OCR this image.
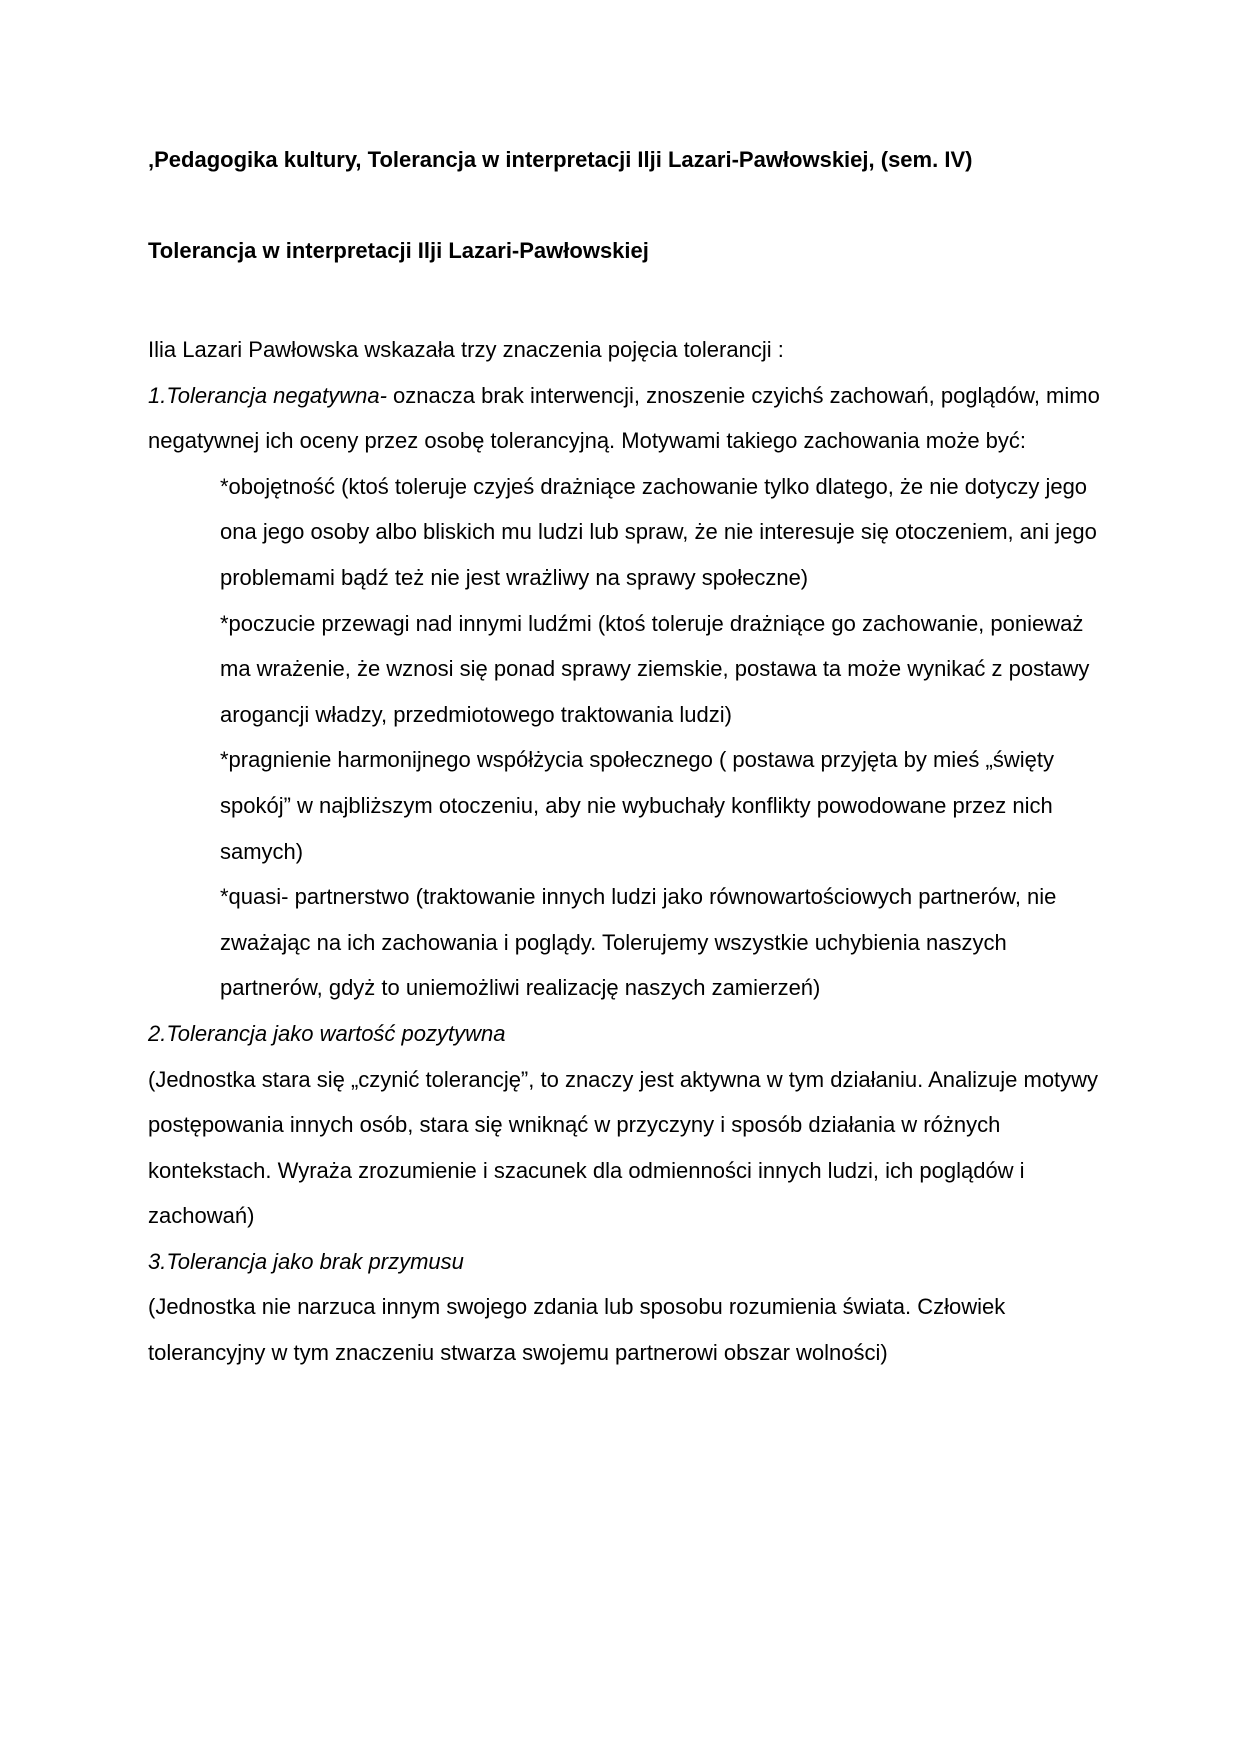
‚Pedagogika kultury, Tolerancja w interpretacji Ilji Lazari-Pawłowskiej, (sem. IV)

Tolerancja w interpretacji Ilji Lazari-Pawłowskiej

Ilia Lazari Pawłowska wskazała trzy znaczenia pojęcia tolerancji :

1.Tolerancja negatywna- oznacza brak interwencji, znoszenie czyichś zachowań, poglądów, mimo negatywnej ich oceny przez osobę tolerancyjną. Motywami takiego zachowania może być:

*obojętność (ktoś toleruje czyjeś drażniące zachowanie tylko dlatego, że nie dotyczy jego ona jego osoby albo bliskich mu ludzi lub spraw, że nie interesuje się otoczeniem, ani jego problemami bądź też nie jest wrażliwy na sprawy społeczne)

*poczucie przewagi nad innymi ludźmi (ktoś toleruje drażniące go zachowanie, ponieważ ma wrażenie, że wznosi się ponad sprawy ziemskie, postawa ta może wynikać z postawy arogancji władzy, przedmiotowego traktowania ludzi)

*pragnienie harmonijnego współżycia społecznego ( postawa przyjęta by mieś „święty spokój” w najbliższym otoczeniu, aby nie wybuchały konflikty powodowane przez nich samych)

*quasi- partnerstwo (traktowanie innych ludzi jako równowartościowych partnerów, nie zważając na ich zachowania i poglądy. Tolerujemy wszystkie uchybienia naszych partnerów, gdyż to uniemożliwi realizację naszych zamierzeń)

2.Tolerancja jako wartość pozytywna

(Jednostka stara się „czynić tolerancję”, to znaczy jest aktywna w tym działaniu. Analizuje motywy postępowania innych osób, stara się wniknąć w przyczyny i sposób działania w różnych kontekstach. Wyraża zrozumienie i szacunek dla odmienności innych ludzi, ich poglądów i zachowań)

3.Tolerancja jako brak przymusu

(Jednostka nie narzuca innym swojego zdania lub sposobu rozumienia świata. Człowiek tolerancyjny w tym znaczeniu stwarza swojemu partnerowi obszar wolności)
